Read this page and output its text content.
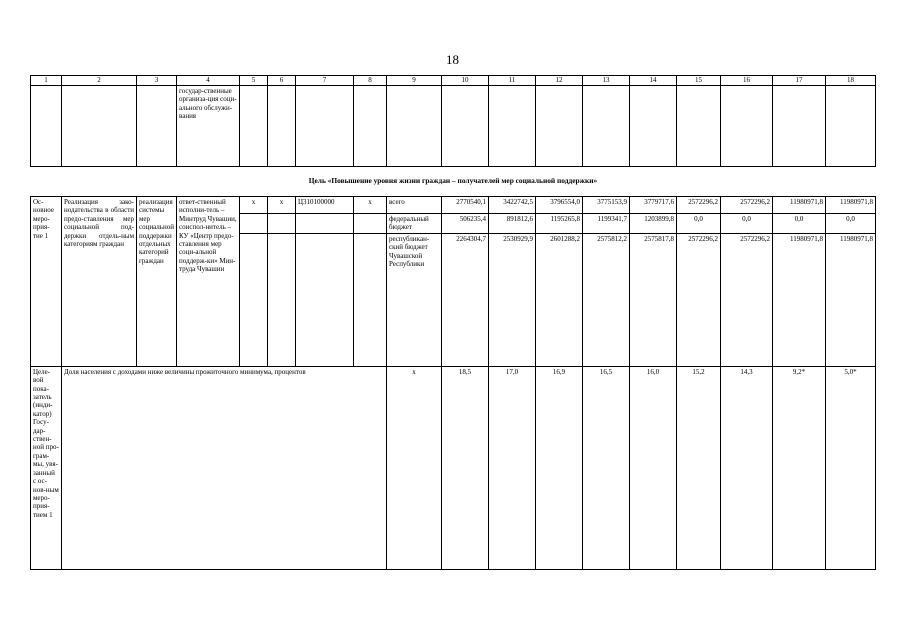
18
1	2	3	4	5	6	7	8	9	10	11	12	13	14	15	16	17	18
			государ-ственные организа-ция соци-ального обслужи-вания														
Цель «Повышение уровня жизни граждан – получателей мер социальной поддержки»																	
Ос-новное меро-прия-тие 1	Реализация зако-нодательства в области предо-ставления мер социальной под-держки отдель-ным категориям граждан	реализация системы мер социальной поддержки отдельных категорий граждан	ответ-ственный исполни-тель – Минтруд Чувашии, соиспол-нитель – КУ «Центр предо-ставления мер соци-альной поддерж-ки» Мин-труда Чувашии	x	x	Ц310100000	x	всего	2770540,1	3422742,5	3796554,0	3775153,9	3779717,6	2572296,2	2572296,2	11980971,8	11980971,8
								федеральный бюджет	506235,4	891812,6	1195265,8	1199341,7	1203899,8	0,0	0,0	0,0	0,0
								республикан-ский бюджет Чувашской Республики	2264304,7	2530929,9	2601288,2	2575812,2	2575817,8	2572296,2	2572296,2	11980971,8	11980971,8
Целе-вой пока-затель (инди-катор) Госу-дар-ствен-ной про-грам-мы, увя-занный с ос-нов-ным меро-прия-тием 1	Доля населения с доходами ниже величины прожиточного минимума, процентов							x	18,5	17,0	16,9	16,5	16,0	15,2	14,3	9,2*	5,0*
